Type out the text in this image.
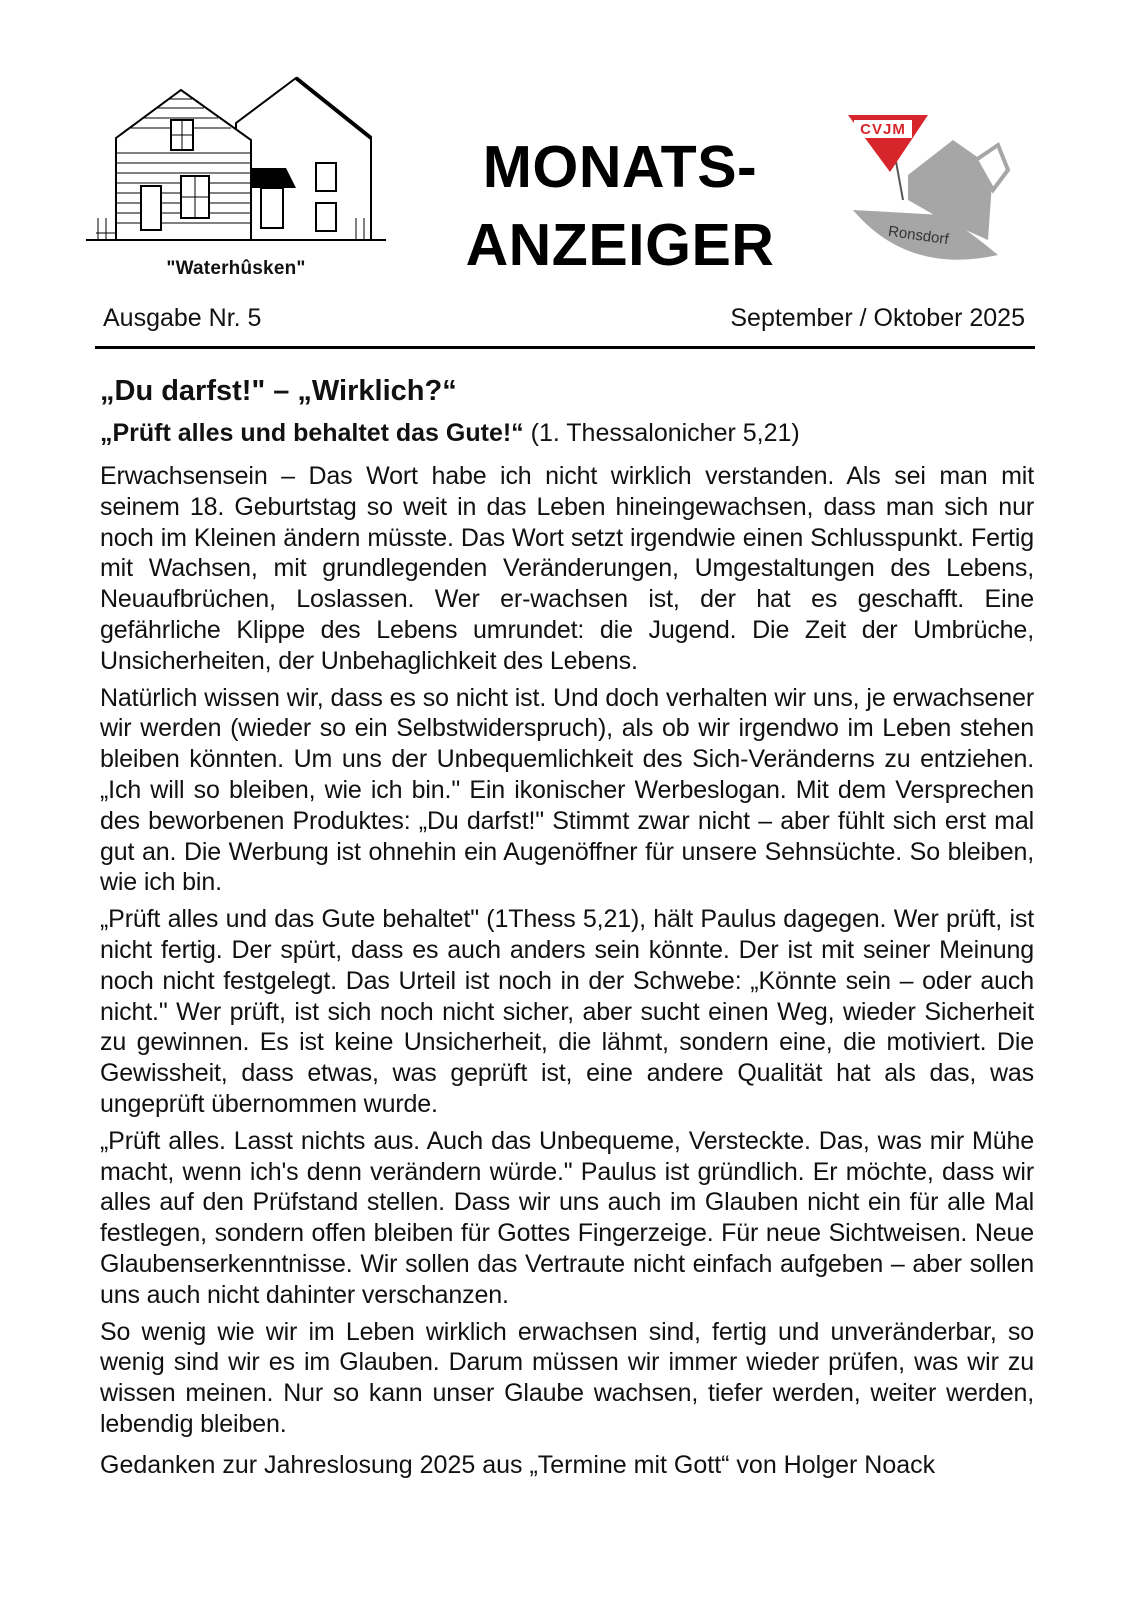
"Waterhûsken"
MONATS-
ANZEIGER
CVJM
Ronsdorf
Ausgabe Nr. 5	September / Oktober 2025
„Du darfst!" – „Wirklich?“

„Prüft alles und behaltet das Gute!“ (1. Thessalonicher 5,21)

Erwachsensein – Das Wort habe ich nicht wirklich verstanden. Als sei man mit seinem 18. Geburtstag so weit in das Leben hineingewachsen, dass man sich nur noch im Kleinen ändern müsste. Das Wort setzt irgendwie einen Schlusspunkt. Fertig mit Wachsen, mit grundlegenden Veränderungen, Umgestaltungen des Lebens, Neuaufbrüchen, Loslassen. Wer er-wachsen ist, der hat es geschafft. Eine gefährliche Klippe des Lebens umrundet: die Jugend. Die Zeit der Umbrüche, Unsicherheiten, der Unbehaglichkeit des Lebens.

Natürlich wissen wir, dass es so nicht ist. Und doch verhalten wir uns, je erwachsener wir werden (wieder so ein Selbstwiderspruch), als ob wir irgendwo im Leben stehen bleiben könnten. Um uns der Unbequemlichkeit des Sich-Veränderns zu entziehen. „Ich will so bleiben, wie ich bin." Ein ikonischer Werbeslogan. Mit dem Versprechen des beworbenen Produktes: „Du darfst!" Stimmt zwar nicht – aber fühlt sich erst mal gut an. Die Werbung ist ohnehin ein Augenöffner für unsere Sehnsüchte. So bleiben, wie ich bin.

„Prüft alles und das Gute behaltet" (1Thess 5,21), hält Paulus dagegen. Wer prüft, ist nicht fertig. Der spürt, dass es auch anders sein könnte. Der ist mit seiner Meinung noch nicht festgelegt. Das Urteil ist noch in der Schwebe: „Könnte sein – oder auch nicht." Wer prüft, ist sich noch nicht sicher, aber sucht einen Weg, wieder Sicherheit zu gewinnen. Es ist keine Unsicherheit, die lähmt, sondern eine, die motiviert. Die Gewissheit, dass etwas, was geprüft ist, eine andere Qualität hat als das, was ungeprüft übernommen wurde.

„Prüft alles. Lasst nichts aus. Auch das Unbequeme, Versteckte. Das, was mir Mühe macht, wenn ich's denn verändern würde." Paulus ist gründlich. Er möchte, dass wir alles auf den Prüfstand stellen. Dass wir uns auch im Glauben nicht ein für alle Mal festlegen, sondern offen bleiben für Gottes Fingerzeige. Für neue Sichtweisen. Neue Glaubenserkenntnisse. Wir sollen das Vertraute nicht einfach aufgeben – aber sollen uns auch nicht dahinter verschanzen.

So wenig wie wir im Leben wirklich erwachsen sind, fertig und unveränderbar, so wenig sind wir es im Glauben. Darum müssen wir immer wieder prüfen, was wir zu wissen meinen. Nur so kann unser Glaube wachsen, tiefer werden, weiter werden, lebendig bleiben.

Gedanken zur Jahreslosung 2025 aus „Termine mit Gott“ von Holger Noack
